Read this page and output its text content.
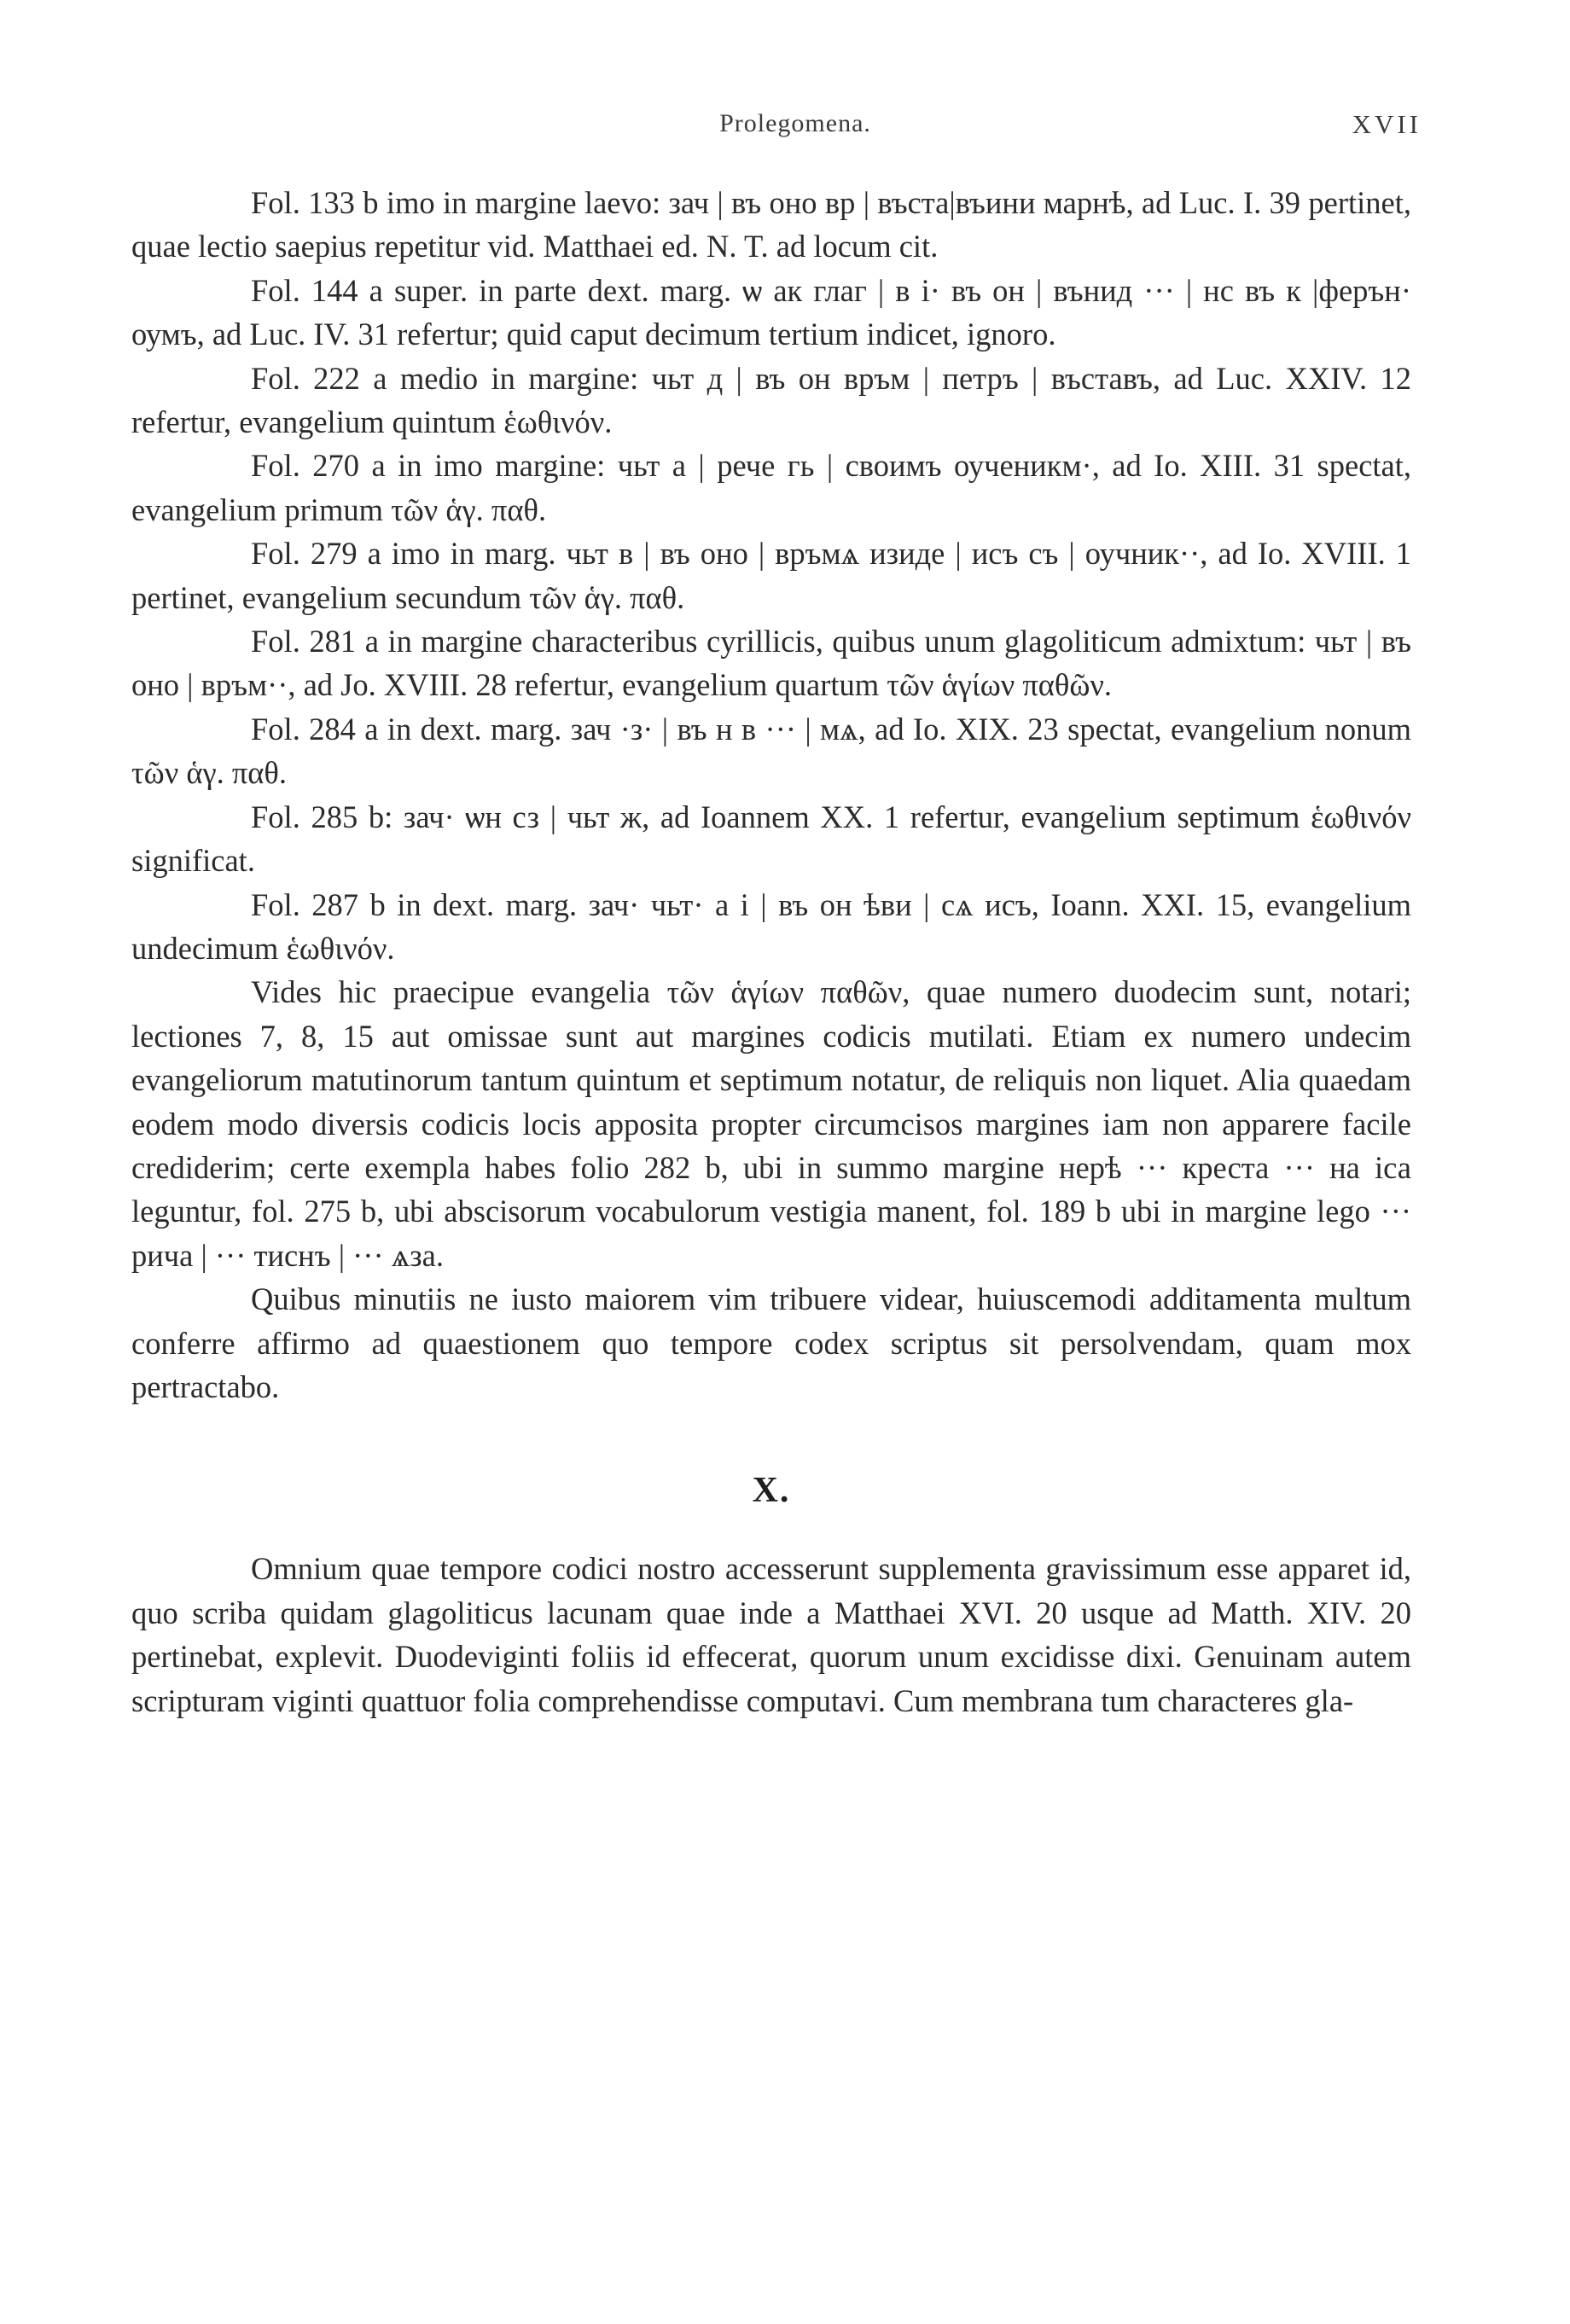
Prolegomena.	XVII

Fol. 133 b imo in margine laevo: зач | въ оно вр | въста|въини марнѣ, ad Luc. I. 39 pertinet, quae lectio saepius repetitur vid. Matthaei ed. N. T. ad locum cit.

Fol. 144 a super. in parte dext. marg. ѡ ак глаг | в і· въ он | вънид ··· | нс въ к |ферън· оумъ, ad Luc. IV. 31 refertur; quid caput decimum tertium indicet, ignoro.

Fol. 222 a medio in margine: чьт д | въ он връм | петръ | въставъ, ad Luc. XXIV. 12 refertur, evangelium quintum ἑωθινόν.

Fol. 270 a in imo margine: чьт а | рече гь | своимъ оученикм·, ad Io. XIII. 31 spectat, evangelium primum τῶν ἁγ. παθ.

Fol. 279 a imo in marg. чьт в | въ оно | връмѧ изиде | исъ съ | оучник··, ad Io. XVIII. 1 pertinet, evangelium secundum τῶν ἁγ. παθ.

Fol. 281 a in margine characteribus cyrillicis, quibus unum glagoliticum admixtum: чьт | въ оно | връм··, ad Jo. XVIII. 28 refertur, evangelium quartum τῶν ἁγίων παθῶν.

Fol. 284 a in dext. marg. зач ·з· | въ н в ··· | мѧ, ad Io. XIX. 23 spectat, evangelium nonum τῶν ἁγ. παθ.

Fol. 285 b: зач· ѡн сз | чьт ж, ad Ioannem XX. 1 refertur, evangelium septimum ἑωθινόν significat.

Fol. 287 b in dext. marg. зач· чьт· а і | въ он ѣви | сѧ исъ, Ioann. XXI. 15, evangelium undecimum ἑωθινόν.

Vides hic praecipue evangelia τῶν ἁγίων παθῶν, quae numero duodecim sunt, notari; lectiones 7, 8, 15 aut omissae sunt aut margines codicis mutilati. Etiam ex numero undecim evangeliorum matutinorum tantum quintum et septimum notatur, de reliquis non liquet. Alia quaedam eodem modo diversis codicis locis apposita propter circumcisos margines iam non apparere facile crediderim; certe exempla habes folio 282 b, ubi in summo margine нерѣ ··· креста ··· на іса leguntur, fol. 275 b, ubi abscisorum vocabulorum vestigia manent, fol. 189 b ubi in margine lego ··· рича | ··· тиснъ | ··· ѧза.

Quibus minutiis ne iusto maiorem vim tribuere videar, huiuscemodi additamenta multum conferre affirmo ad quaestionem quo tempore codex scriptus sit persolvendam, quam mox pertractabo.

X.

Omnium quae tempore codici nostro accesserunt supplementa gravissimum esse apparet id, quo scriba quidam glagoliticus lacunam quae inde a Matthaei XVI. 20 usque ad Matth. XIV. 20 pertinebat, explevit. Duodeviginti foliis id effecerat, quorum unum excidisse dixi. Genuinam autem scripturam viginti quattuor folia comprehendisse computavi. Cum membrana tum characteres gla-
